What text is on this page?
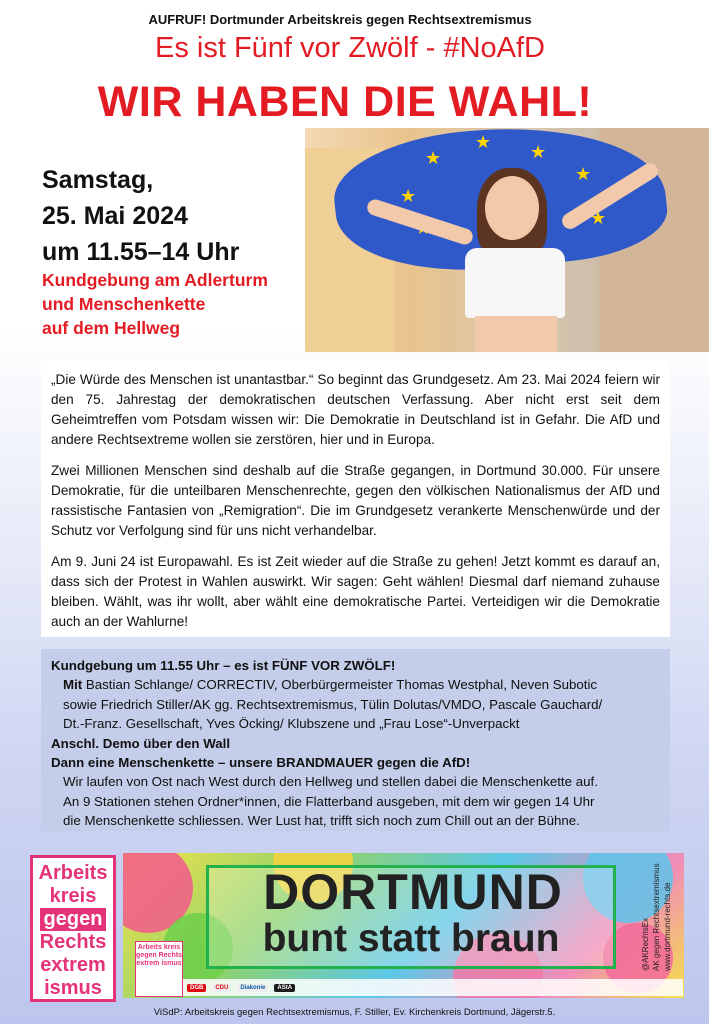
AUFRUF! Dortmunder Arbeitskreis gegen Rechtsextremismus
Es ist Fünf vor Zwölf - #NoAfD
WIR HABEN DIE WAHL!
Samstag,
25. Mai 2024
um 11.55–14 Uhr
Kundgebung am Adlerturm
und Menschenkette
auf dem Hellweg
★
★ ★
★
★
★

„Die Würde des Menschen ist unantastbar.“ So beginnt das Grundgesetz. Am 23. Mai 2024 feiern wir den 75. Jahrestag der demokratischen deutschen Verfassung. Aber nicht erst seit dem Geheimtreffen vom Potsdam wissen wir: Die Demokratie in Deutschland ist in Gefahr. Die AfD und andere Rechtsextreme wollen sie zerstören, hier und in Europa.

Zwei Millionen Menschen sind deshalb auf die Straße gegangen, in Dortmund 30.000. Für unsere Demokratie, für die unteilbaren Menschenrechte, gegen den völkischen Nationalismus der AfD und rassistische Fantasien von „Remigration“. Die im Grundgesetz verankerte Menschenwürde und der Schutz vor Verfolgung sind für uns nicht verhandelbar.

Am 9. Juni 24 ist Europawahl. Es ist Zeit wieder auf die Straße zu gehen! Jetzt kommt es darauf an, dass sich der Protest in Wahlen auswirkt. Wir sagen: Geht wählen! Diesmal darf niemand zuhause bleiben. Wählt, was ihr wollt, aber wählt eine demokratische Partei. Verteidigen wir die Demokratie auch an der Wahlurne!

Kundgebung um 11.55 Uhr – es ist FÜNF VOR ZWÖLF!
Mit Bastian Schlange/ CORRECTIV, Oberbürgermeister Thomas Westphal, Neven Subotic
sowie Friedrich Stiller/AK gg. Rechtsextremismus, Tülin Dolutas/VMDO, Pascale Gauchard/
Dt.-Franz. Gesellschaft, Yves Öcking/ Klubszene und „Frau Lose“-Unverpackt
Anschl. Demo über den Wall
Dann eine Menschenkette – unsere BRANDMAUER gegen die AfD!
Wir laufen von Ost nach West durch den Hellweg und stellen dabei die Menschenkette auf.
An 9 Stationen stehen Ordner*innen, die Flatterband ausgeben, mit dem wir gegen 14 Uhr
die Menschenkette schliessen. Wer Lust hat, trifft sich noch zum Chill out an der Bühne.
Arbeits
kreis
gegen
Rechts
extrem
ismus
DORTMUND
bunt statt braun	@AKRechtsEx AK gegen Rechtsextremismus www.dortmund-rechts.de
Arbeits kreis gegen Rechts extrem ismus
DGB	CDU	Diakonie	AStA
ViSdP: Arbeitskreis gegen Rechtsextremismus, F. Stiller, Ev. Kirchenkreis Dortmund, Jägerstr.5.
